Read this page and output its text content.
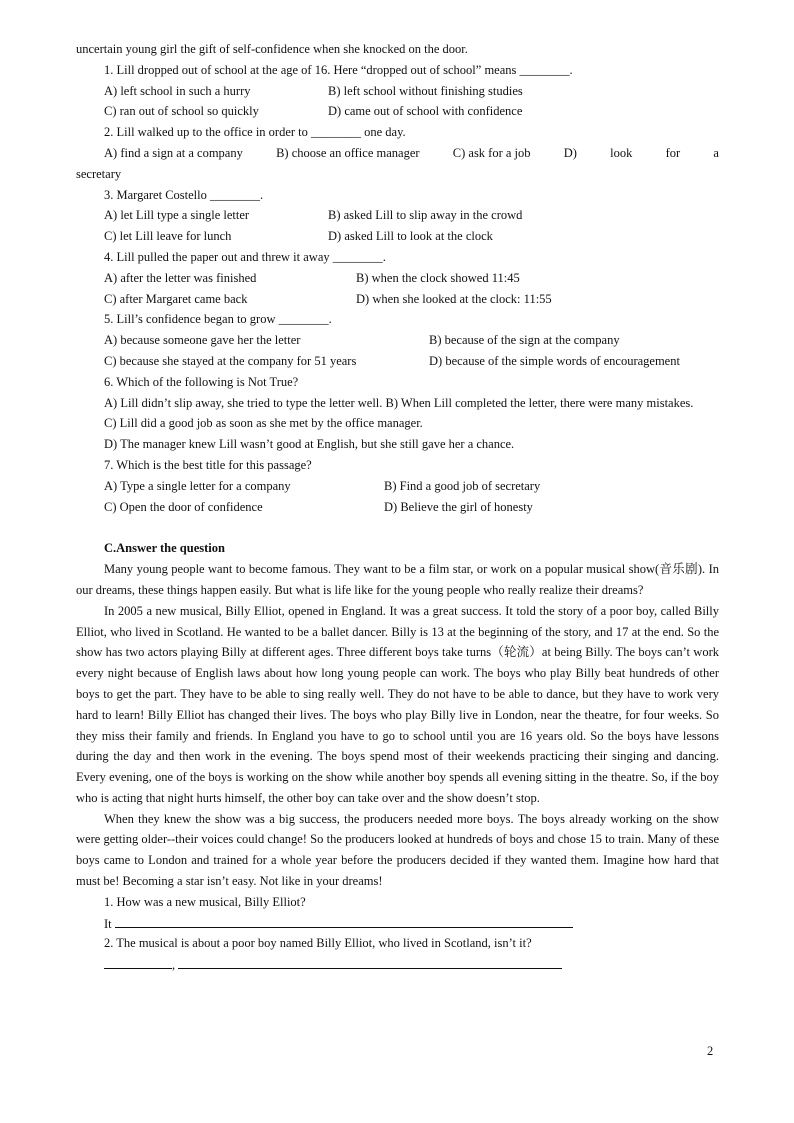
uncertain young girl the gift of self-confidence when she knocked on the door.
1. Lill dropped out of school at the age of 16. Here “dropped out of school” means ________.
A) left school in such a hurry	B) left school without finishing studies
C) ran out of school so quickly	D) came out of school with confidence
2. Lill walked up to the office in order to ________ one day.
A) find a sign at a company	B) choose an office manager	C) ask for a job	D)	look	for	a
secretary
3. Margaret Costello ________.
A) let Lill type a single letter	B) asked Lill to slip away in the crowd
C) let Lill leave for lunch	D) asked Lill to look at the clock
4. Lill pulled the paper out and threw it away ________.
A) after the letter was finished	B) when the clock showed 11:45
C) after Margaret came back	D) when she looked at the clock: 11:55
5. Lill’s confidence began to grow ________.
A) because someone gave her the letter	B) because of the sign at the company
C) because she stayed at the company for 51 years	D) because of the simple words of encouragement
6. Which of the following is Not True?
A) Lill didn’t slip away, she tried to type the letter well. B) When Lill completed the letter, there were many mistakes.
C) Lill did a good job as soon as she met by the office manager.
D) The manager knew Lill wasn’t good at English, but she still gave her a chance.
7. Which is the best title for this passage?
A) Type a single letter for a company	B) Find a good job of secretary
C) Open the door of confidence	D) Believe the girl of honesty
C.Answer the question
Many young people want to become famous. They want to be a film star, or work on a popular musical show(音乐剧). In our dreams, these things happen easily. But what is life like for the young people who really realize their dreams?
In 2005 a new musical, Billy Elliot, opened in England. It was a great success. It told the story of a poor boy, called Billy Elliot, who lived in Scotland. He wanted to be a ballet dancer. Billy is 13 at the beginning of the story, and 17 at the end. So the show has two actors playing Billy at different ages. Three different boys take turns（轮流）at being Billy. The boys can’t work every night because of English laws about how long young people can work. The boys who play Billy beat hundreds of other boys to get the part. They have to be able to sing really well. They do not have to be able to dance, but they have to work very hard to learn! Billy Elliot has changed their lives. The boys who play Billy live in London, near the theatre, for four weeks. So they miss their family and friends. In England you have to go to school until you are 16 years old. So the boys have lessons during the day and then work in the evening. The boys spend most of their weekends practicing their singing and dancing. Every evening, one of the boys is working on the show while another boy spends all evening sitting in the theatre. So, if the boy who is acting that night hurts himself, the other boy can take over and the show doesn’t stop.
When they knew the show was a big success, the producers needed more boys. The boys already working on the show were getting older--their voices could change! So the producers looked at hundreds of boys and chose 15 to train. Many of these boys came to London and trained for a whole year before the producers decided if they wanted them. Imagine how hard that must be! Becoming a star isn’t easy. Not like in your dreams!
1. How was a new musical, Billy Elliot?
It
2. The musical is about a poor boy named Billy Elliot, who lived in Scotland, isn’t it?
,
2
